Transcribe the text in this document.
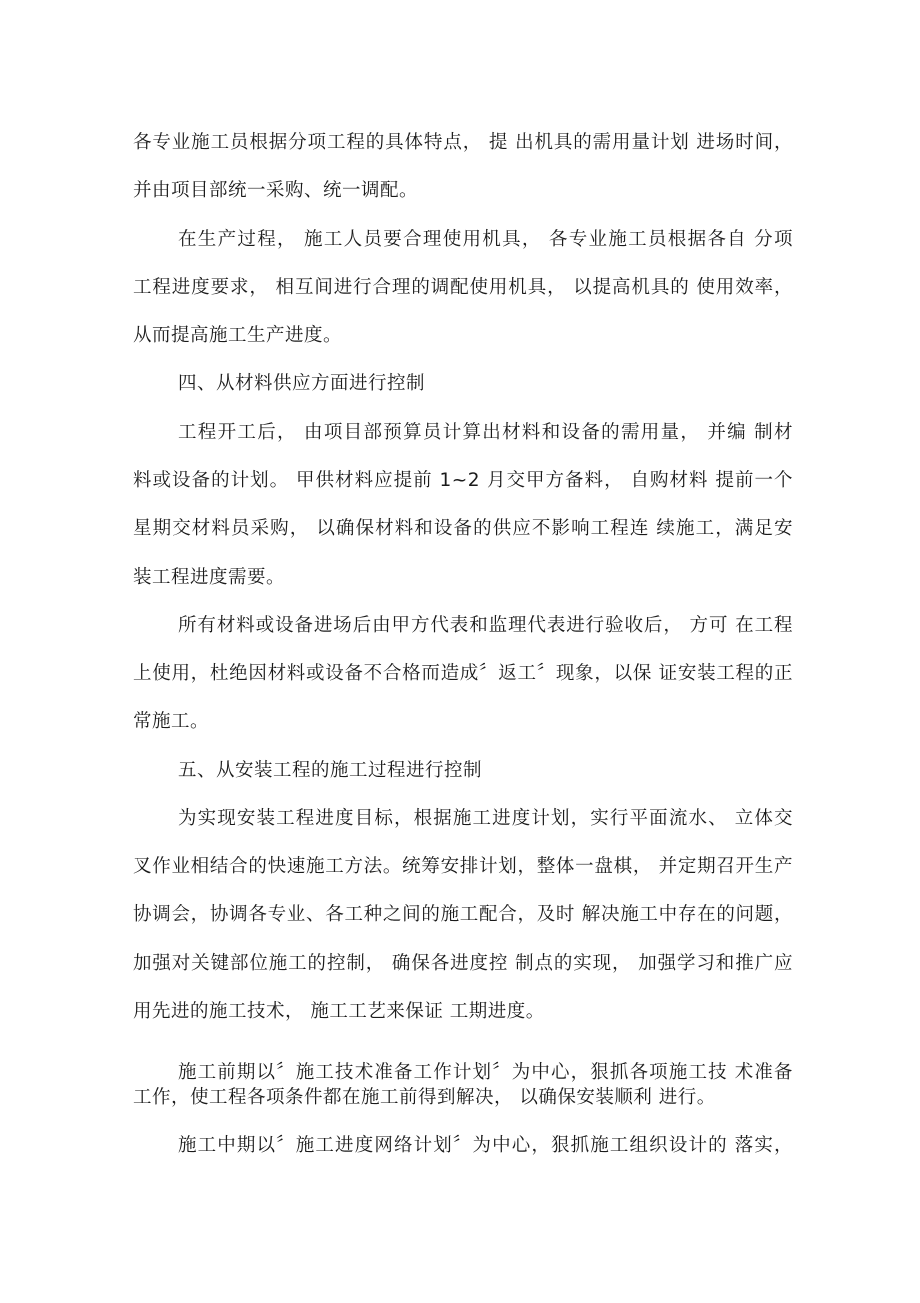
各专业施工员根据分项工程的具体特点， 提 出机具的需用量计划 进场时间，
并由项目部统一采购、统一调配。
在生产过程， 施工人员要合理使用机具， 各专业施工员根据各自 分项
工程进度要求， 相互间进行合理的调配使用机具， 以提高机具的 使用效率，
从而提高施工生产进度。
四、从材料供应方面进行控制
工程开工后， 由项目部预算员计算出材料和设备的需用量， 并编 制材
料或设备的计划。 甲供材料应提前 1~2 月交甲方备料， 自购材料 提前一个
星期交材料员采购， 以确保材料和设备的供应不影响工程连 续施工，满足安
装工程进度需要。
所有材料或设备进场后由甲方代表和监理代表进行验收后， 方可 在工程
上使用，杜绝因材料或设备不合格而造成〞返工〞现象，以保 证安装工程的正
常施工。
五、从安装工程的施工过程进行控制
为实现安装工程进度目标，根据施工进度计划，实行平面流水、 立体交
叉作业相结合的快速施工方法。统筹安排计划，整体一盘棋， 并定期召开生产
协调会，协调各专业、各工种之间的施工配合，及时 解决施工中存在的问题，
加强对关键部位施工的控制， 确保各进度控 制点的实现， 加强学习和推广应
用先进的施工技术， 施工工艺来保证 工期进度。
施工前期以〞施工技术准备工作计划〞为中心，狠抓各项施工技 术准备
工作，使工程各项条件都在施工前得到解决， 以确保安装顺利 进行。
施工中期以〞施工进度网络计划〞为中心，狠抓施工组织设计的 落实，
